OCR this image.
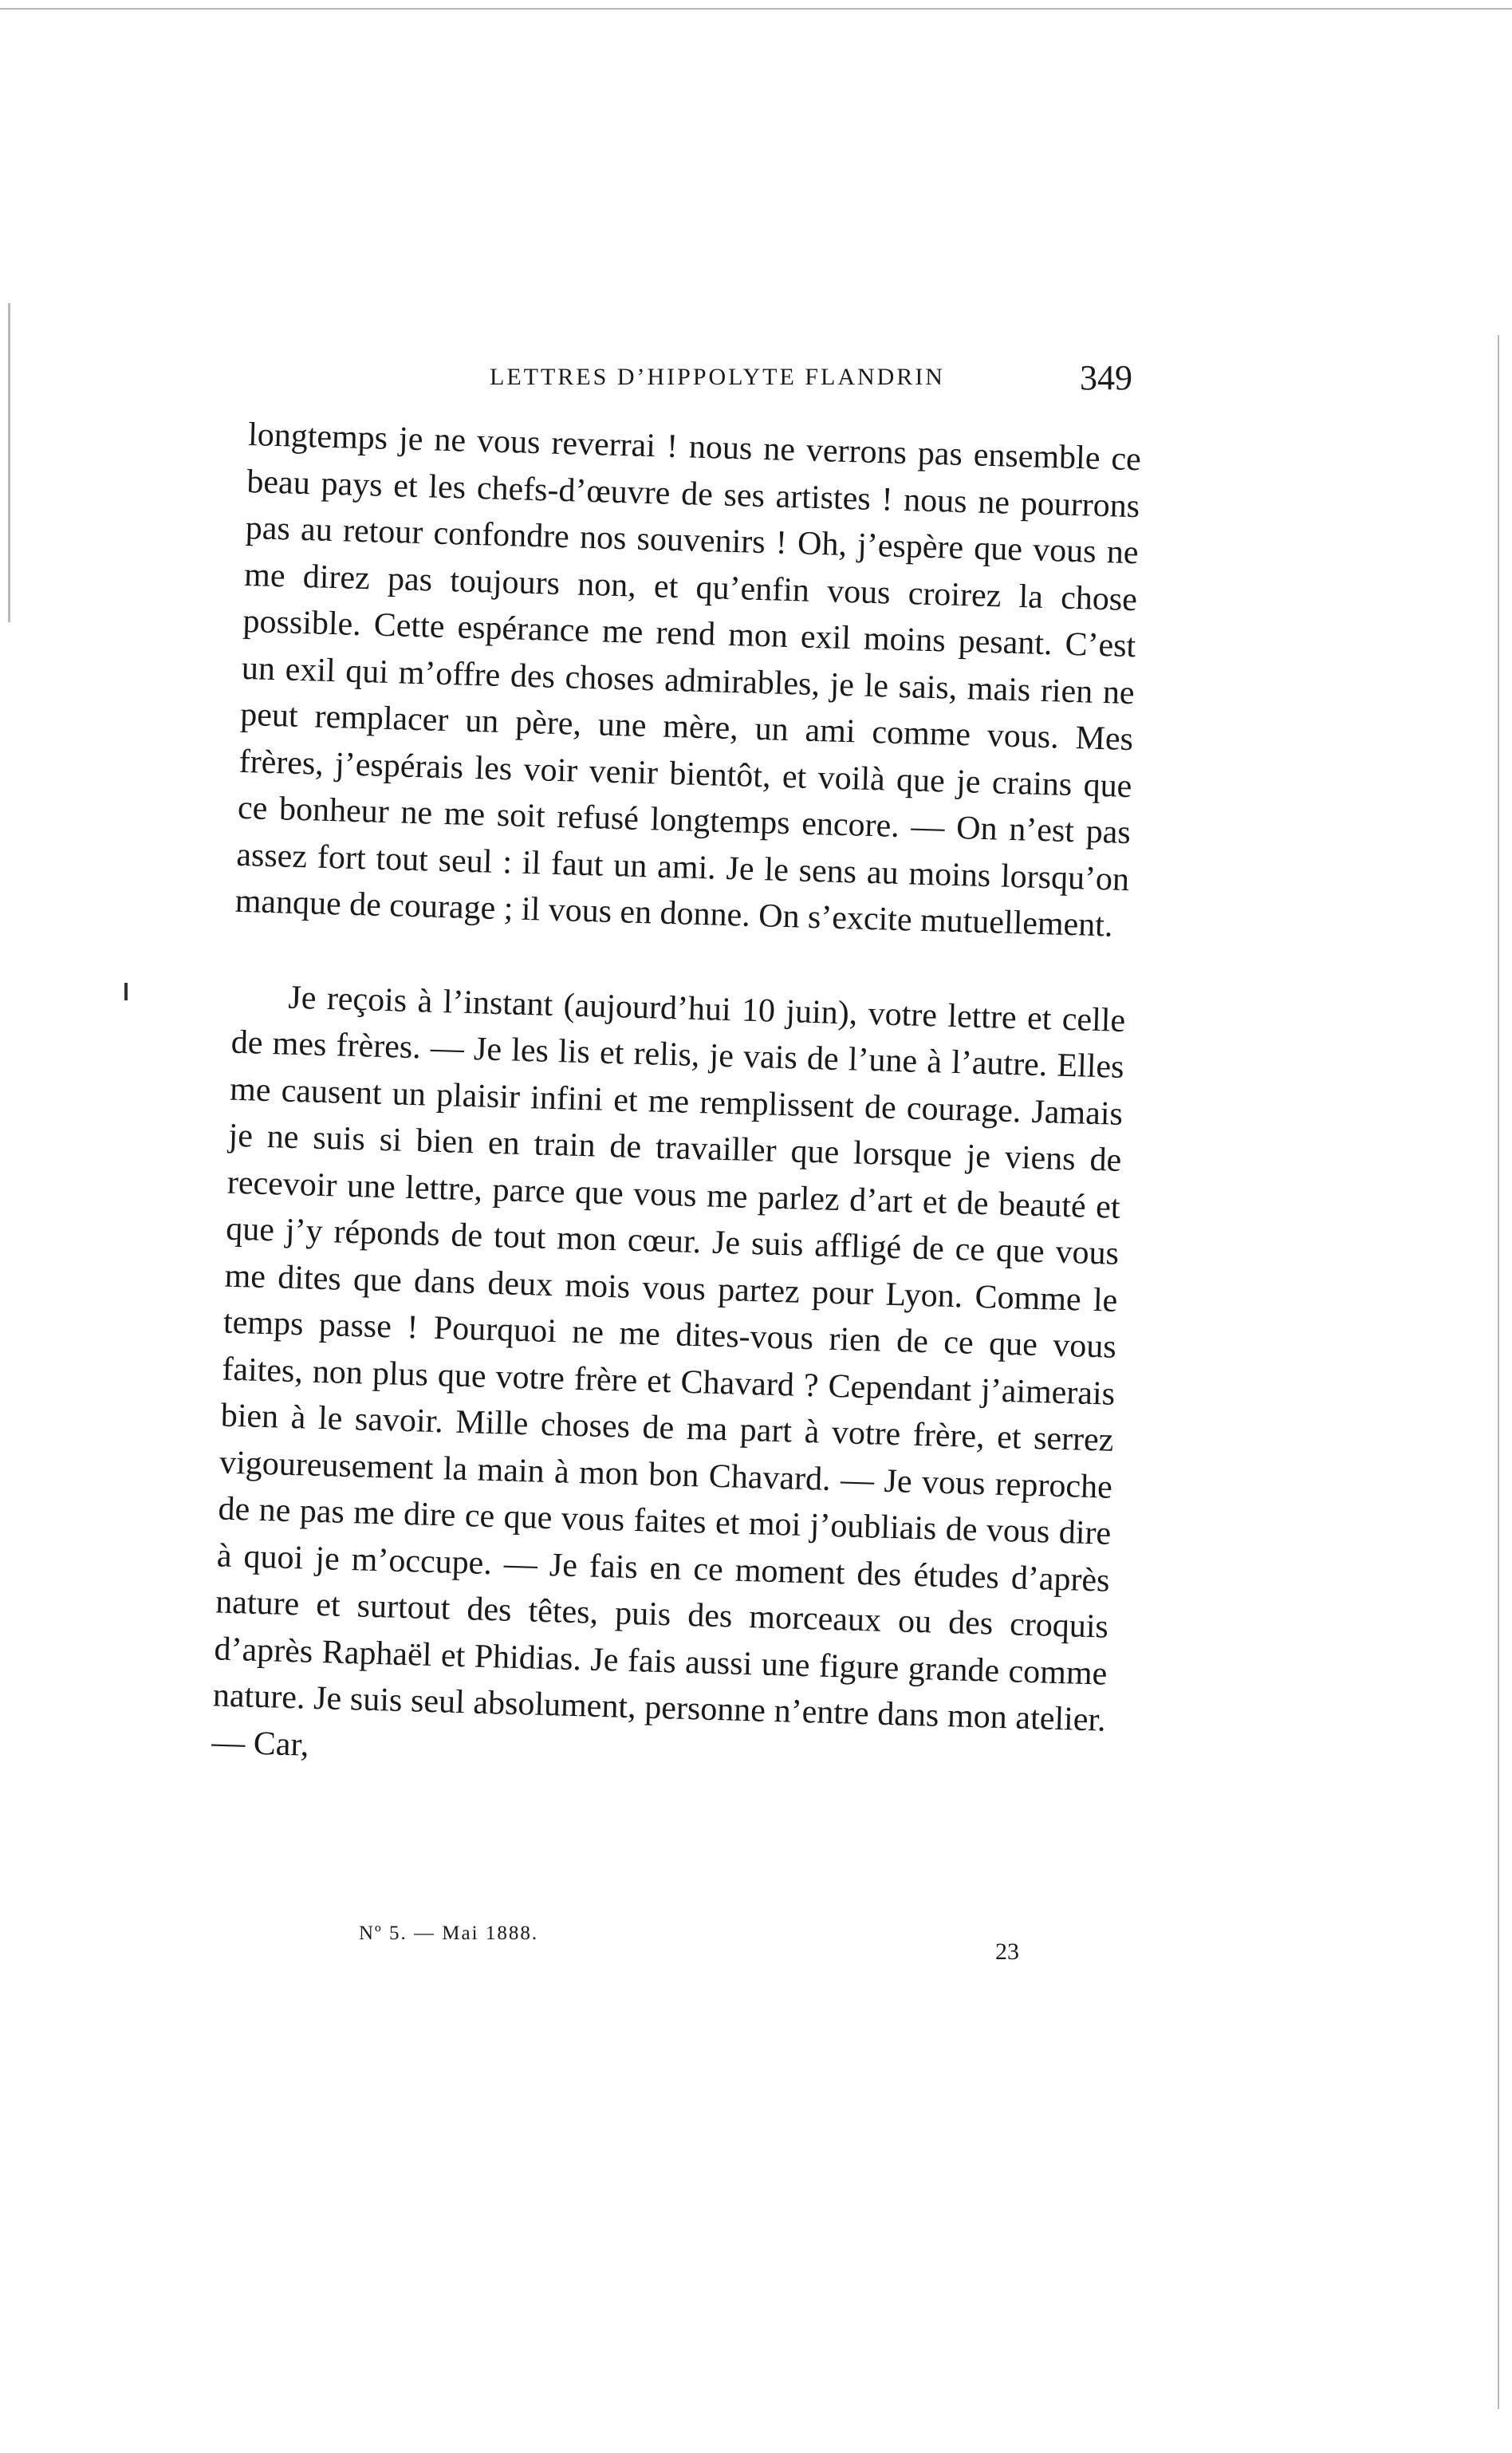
LETTRES D’HIPPOLYTE FLANDRIN	349

longtemps je ne vous reverrai ! nous ne verrons pas ensemble ce beau pays et les chefs-d’œuvre de ses artistes ! nous ne pourrons pas au retour confondre nos souvenirs ! Oh, j’espère que vous ne me direz pas toujours non, et qu’enfin vous croirez la chose possible. Cette espérance me rend mon exil moins pesant. C’est un exil qui m’offre des choses admirables, je le sais, mais rien ne peut remplacer un père, une mère, un ami comme vous. Mes frères, j’espérais les voir venir bientôt, et voilà que je crains que ce bonheur ne me soit refusé longtemps encore. — On n’est pas assez fort tout seul : il faut un ami. Je le sens au moins lorsqu’on manque de courage ; il vous en donne. On s’excite mutuellement.

Je reçois à l’instant (aujourd’hui 10 juin), votre lettre et celle de mes frères. — Je les lis et relis, je vais de l’une à l’autre. Elles me causent un plaisir infini et me remplissent de courage. Jamais je ne suis si bien en train de travailler que lorsque je viens de recevoir une lettre, parce que vous me parlez d’art et de beauté et que j’y réponds de tout mon cœur. Je suis affligé de ce que vous me dites que dans deux mois vous partez pour Lyon. Comme le temps passe ! Pourquoi ne me dites-vous rien de ce que vous faites, non plus que votre frère et Chavard ? Cependant j’aimerais bien à le savoir. Mille choses de ma part à votre frère, et serrez vigoureusement la main à mon bon Chavard. — Je vous reproche de ne pas me dire ce que vous faites et moi j’oubliais de vous dire à quoi je m’occupe. — Je fais en ce moment des études d’après nature et surtout des têtes, puis des morceaux ou des croquis d’après Raphaël et Phidias. Je fais aussi une figure grande comme nature. Je suis seul absolument, personne n’entre dans mon atelier. — Car,

Nº 5. — Mai 1888.
23
